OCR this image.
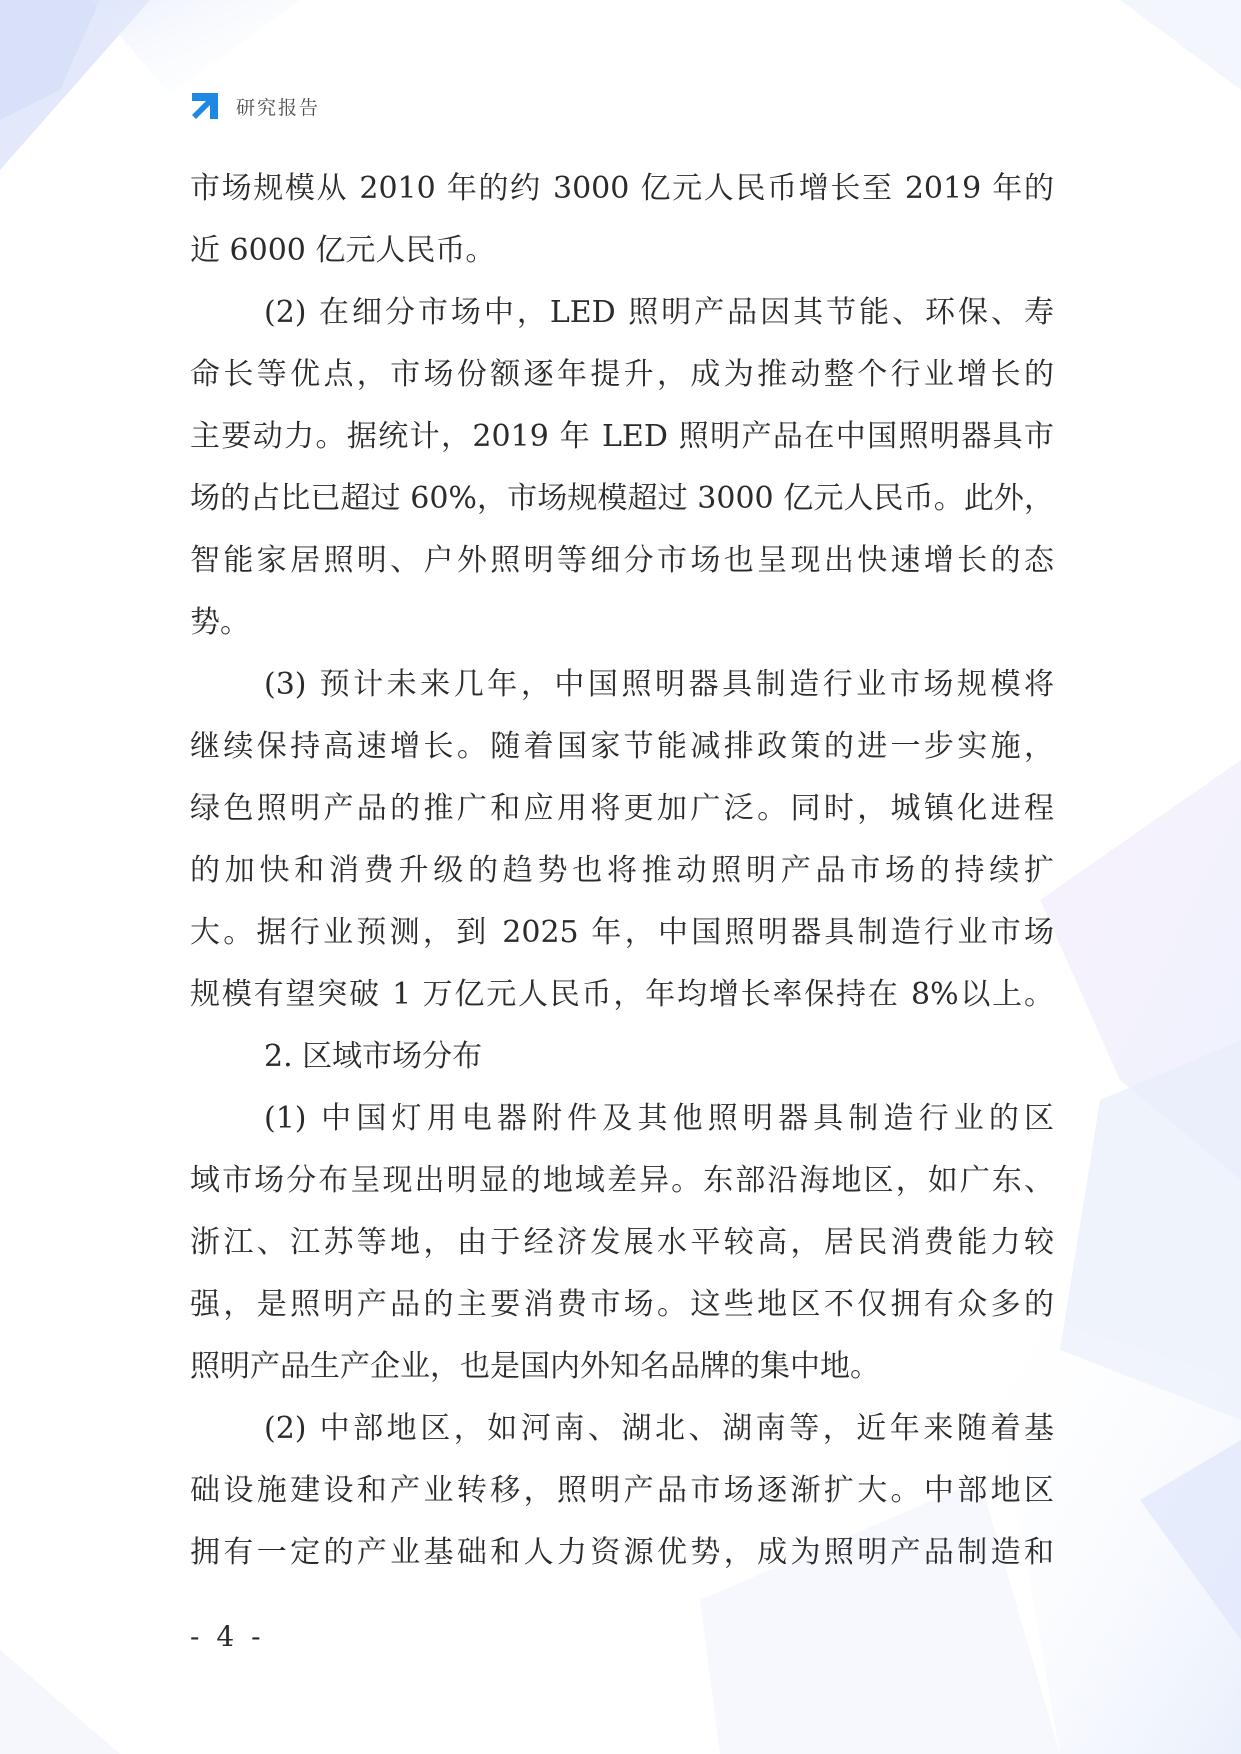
研究报告
市场规模从 2010 年的约 3000 亿元人民币增长至 2019 年的
近 6000 亿元人民币。
(2) 在细分市场中，LED 照明产品因其节能、环保、寿
命长等优点，市场份额逐年提升，成为推动整个行业增长的
主要动力。据统计，2019 年 LED 照明产品在中国照明器具市
场的占比已超过 60%，市场规模超过 3000 亿元人民币。此外，
智能家居照明、户外照明等细分市场也呈现出快速增长的态
势。
(3) 预计未来几年，中国照明器具制造行业市场规模将
继续保持高速增长。随着国家节能减排政策的进一步实施，
绿色照明产品的推广和应用将更加广泛。同时，城镇化进程
的加快和消费升级的趋势也将推动照明产品市场的持续扩
大。据行业预测，到 2025 年，中国照明器具制造行业市场
规模有望突破 1 万亿元人民币，年均增长率保持在 8%以上。
2. 区域市场分布
(1) 中国灯用电器附件及其他照明器具制造行业的区
域市场分布呈现出明显的地域差异。东部沿海地区，如广东、
浙江、江苏等地，由于经济发展水平较高，居民消费能力较
强，是照明产品的主要消费市场。这些地区不仅拥有众多的
照明产品生产企业，也是国内外知名品牌的集中地。
(2) 中部地区，如河南、湖北、湖南等，近年来随着基
础设施建设和产业转移，照明产品市场逐渐扩大。中部地区
拥有一定的产业基础和人力资源优势，成为照明产品制造和
- 4 -
